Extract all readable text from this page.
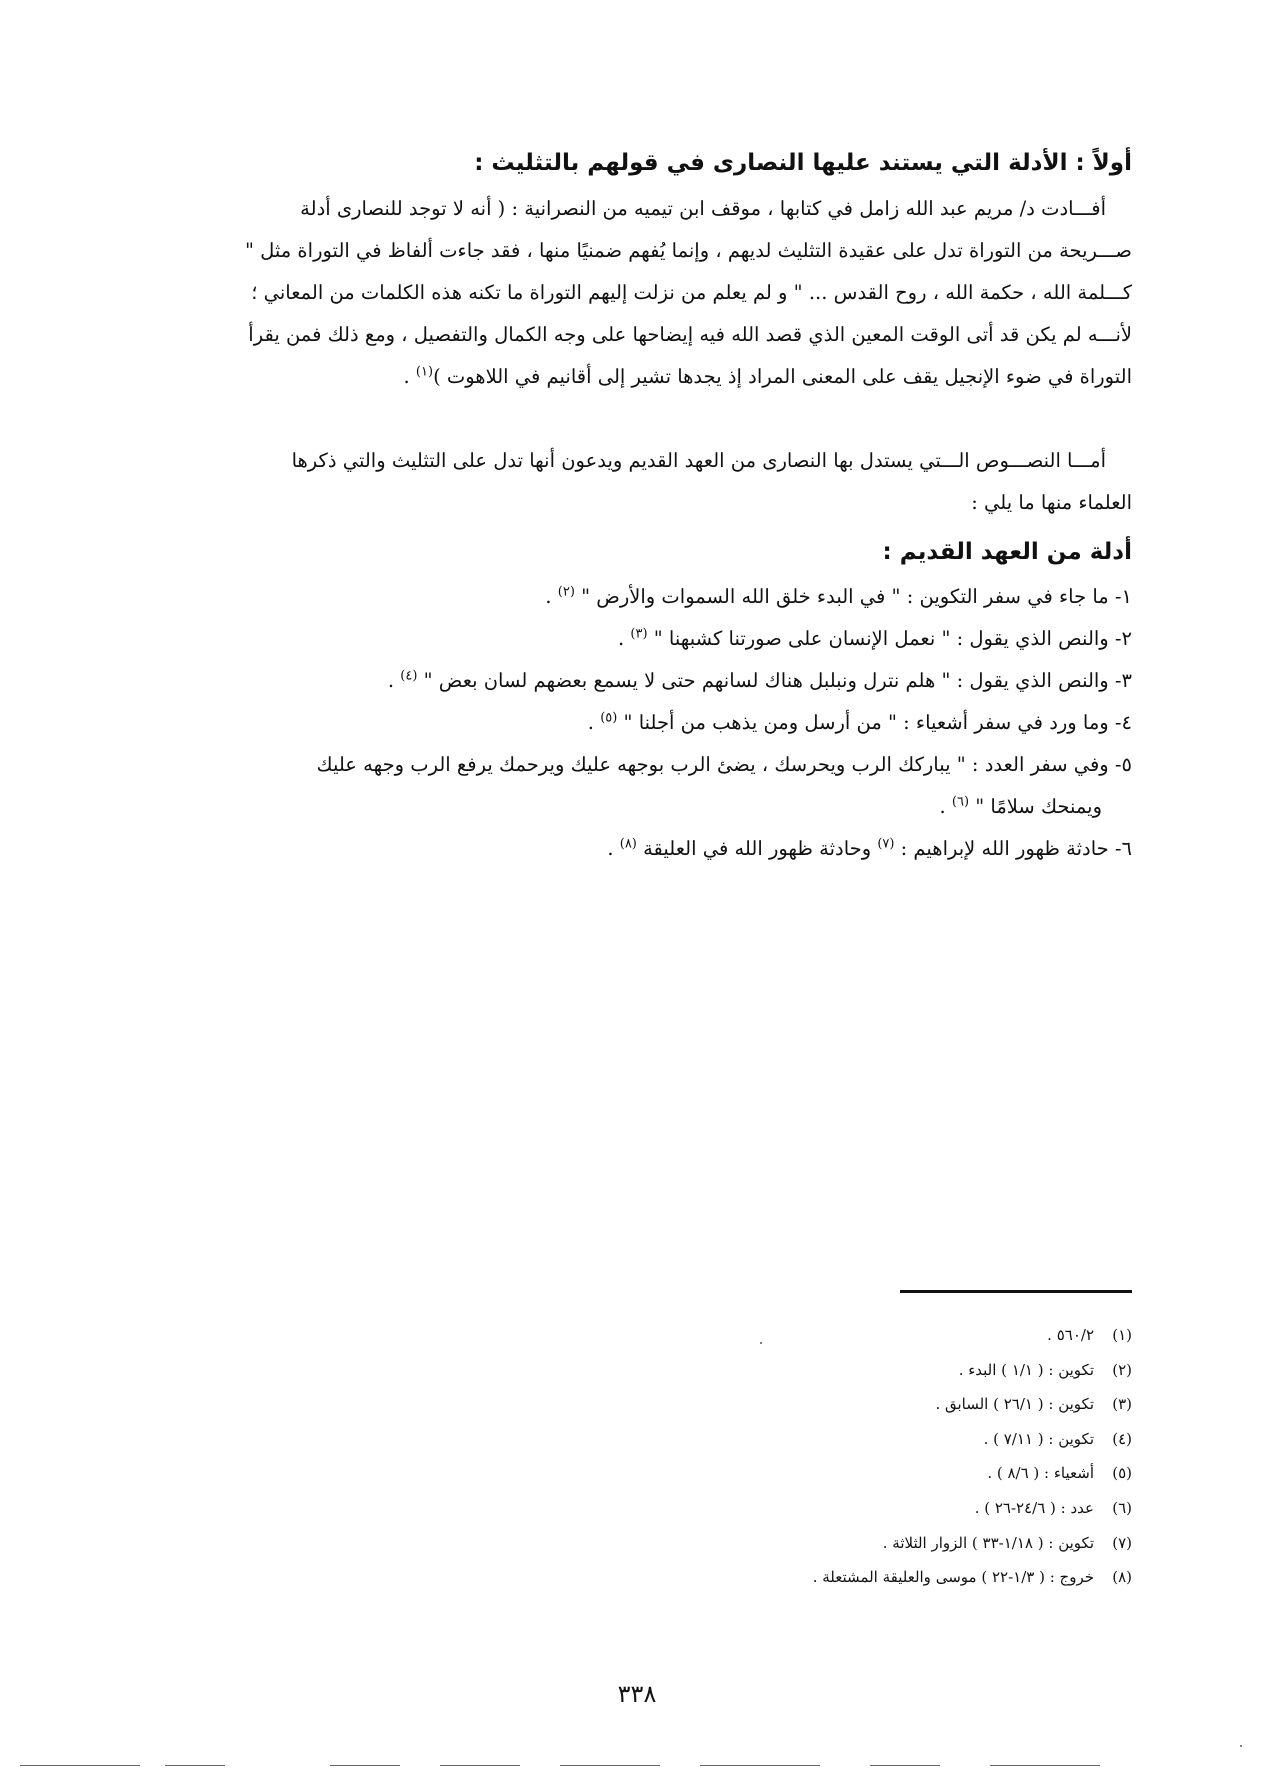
أولاً : الأدلة التي يستند عليها النصارى في قولهم بالتثليث :
أفـــادت د/ مريم عبد الله زامل في كتابها ، موقف ابن تيميه من النصرانية : ( أنه لا توجد للنصارى أدلة
صـــريحة من التوراة تدل على عقيدة التثليث لديهم ، وإنما يُفهم ضمنيًا منها ، فقد جاءت ألفاظ في التوراة مثل "
كـــلمة الله ، حكمة الله ، روح القدس ... " و لم يعلم من نزلت إليهم التوراة ما تكنه هذه الكلمات من المعاني ؛
لأنـــه لم يكن قد أتى الوقت المعين الذي قصد الله فيه إيضاحها على وجه الكمال والتفصيل ، ومع ذلك فمن يقرأ
التوراة في ضوء الإنجيل يقف على المعنى المراد إذ يجدها تشير إلى أقانيم في اللاهوت )$^{(١)}$ .
أمـــا النصـــوص الـــتي يستدل بها النصارى من العهد القديم ويدعون أنها تدل على التثليث والتي ذكرها
العلماء منها ما يلي :
أدلة من العهد القديم :
١- ما جاء في سفر التكوين : " في البدء خلق الله السموات والأرض " $^{(٢)}$ .
٢- والنص الذي يقول : " نعمل الإنسان على صورتنا كشبهنا " $^{(٣)}$ .
٣- والنص الذي يقول : " هلم نترل ونبلبل هناك لسانهم حتى لا يسمع بعضهم لسان بعض " $^{(٤)}$ .
٤- وما ورد في سفر أشعياء : " من أرسل ومن يذهب من أجلنا " $^{(٥)}$ .
٥- وفي سفر العدد : " يباركك الرب ويحرسك ، يضئ الرب بوجهه عليك ويرحمك يرفع الرب وجهه عليك
ويمنحك سلامًا " $^{(٦)}$ .
٦- حادثة ظهور الله لإبراهيم : $^{(٧)}$ وحادثة ظهور الله في العليقة $^{(٨)}$ .
(١)٥٦٠/٢ .
(٢)تكوين : ( ١/١ ) البدء .
(٣)تكوين : ( ٢٦/١ ) السابق .
(٤)تكوين : ( ٧/١١ ) .
(٥)أشعياء : ( ٨/٦ ) .
(٦)عدد : ( ٢٤/٦-٢٦ ) .
(٧)تكوين : ( ١/١٨-٣٣ ) الزوار الثلاثة .
(٨)خروج : ( ١/٣-٢٢ ) موسى والعليقة المشتعلة .
٣٣٨
